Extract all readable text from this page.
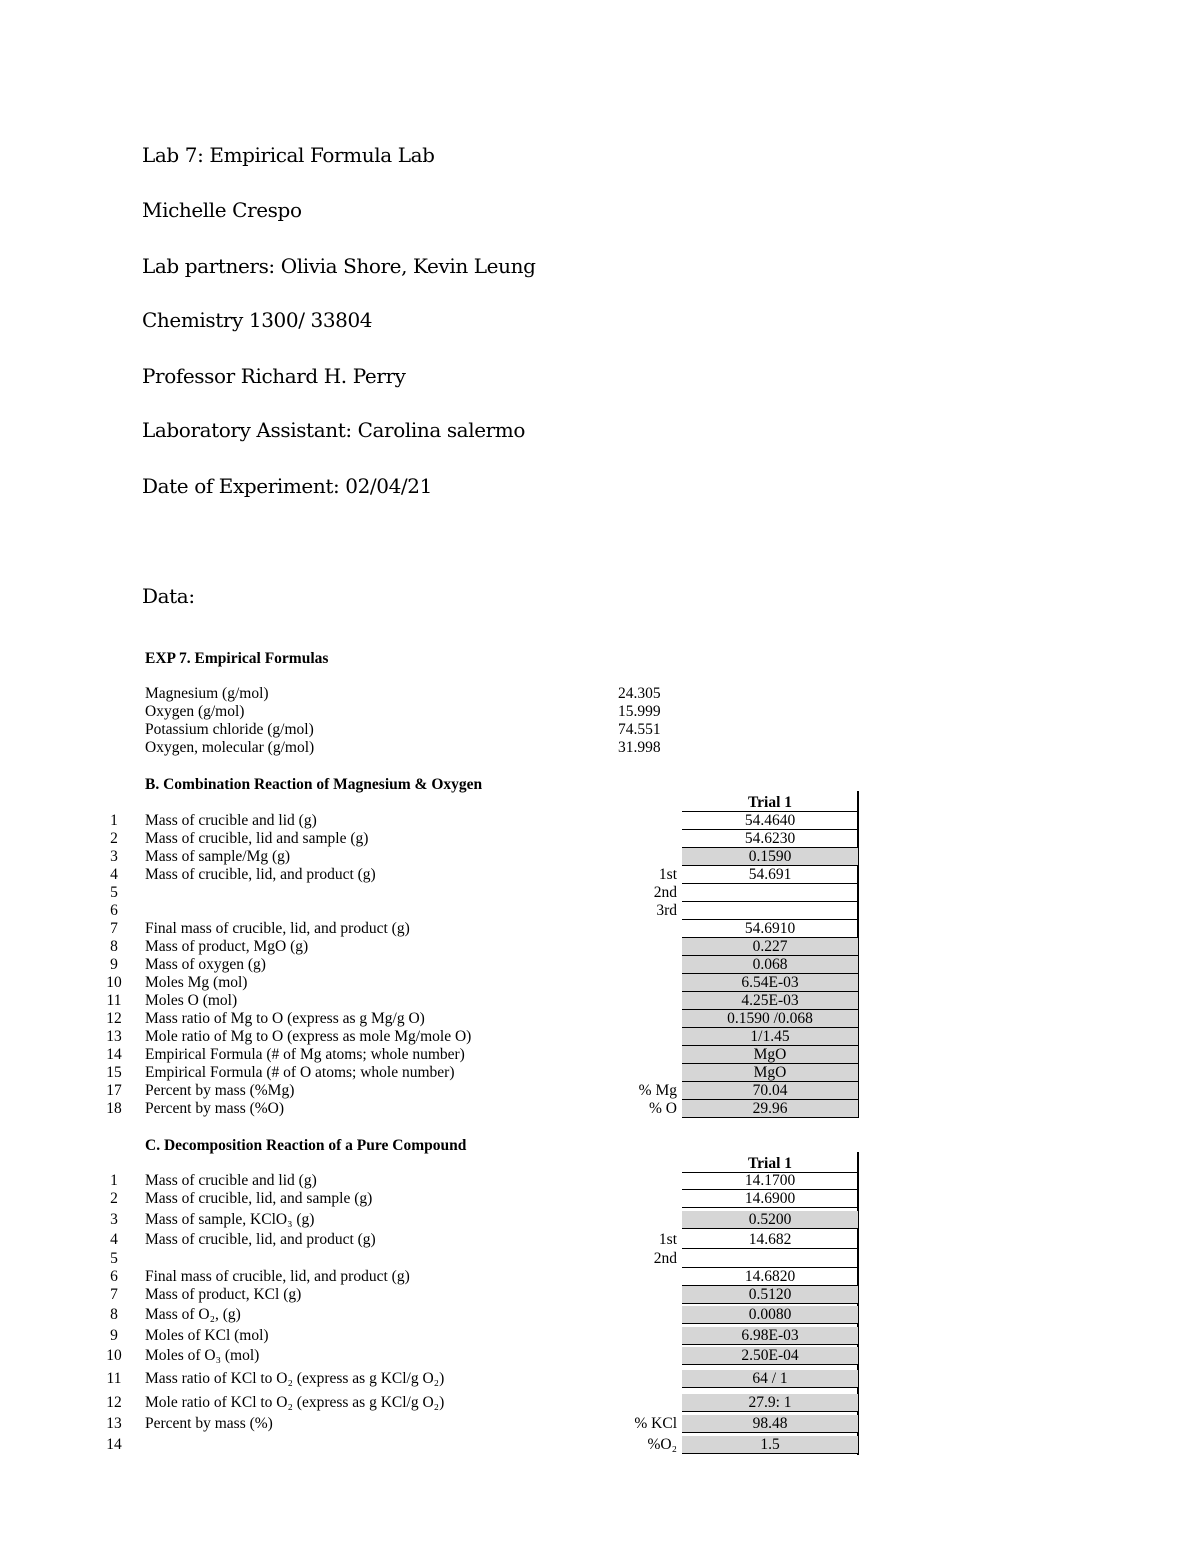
Lab 7: Empirical Formula Lab
Michelle Crespo
Lab partners: Olivia Shore, Kevin Leung
Chemistry 1300/ 33804
Professor Richard H. Perry
Laboratory Assistant: Carolina salermo
Date of Experiment: 02/04/21
Data:
EXP 7. Empirical Formulas
Magnesium (g/mol)	24.305
Oxygen (g/mol)	15.999
Potassium chloride (g/mol)	74.551
Oxygen, molecular (g/mol)	31.998
B. Combination Reaction of Magnesium & Oxygen
Trial 1
C. Decomposition Reaction of a Pure Compound
Trial 1
1	Mass of crucible and lid (g)	54.4640
2	Mass of crucible, lid and sample (g)	54.6230
3	Mass of sample/Mg (g)	0.1590
4	Mass of crucible, lid, and product (g)	1st	54.691
5	2nd
6	3rd
7	Final mass of crucible, lid, and product (g)	54.6910
8	Mass of product, MgO (g)	0.227
9	Mass of oxygen (g)	0.068
10 Moles Mg (mol)	6.54E-03
11 Moles O (mol)	4.25E-03
12 Mass ratio of Mg to O (express as g Mg/g O)	0.1590 /0.068
13 Mole ratio of Mg to O (express as mole Mg/mole O)	1/1.45
14 Empirical Formula (# of Mg atoms; whole number)	MgO
15 Empirical Formula (# of O atoms; whole number)	MgO
17 Percent by mass (%Mg)	% Mg	70.04
18 Percent by mass (%O)	% O	29.96
1	Mass of crucible and lid (g)	14.1700
2	Mass of crucible, lid, and sample (g)	14.6900
3	Mass of sample, KClO₃ (g)	0.5200
4	Mass of crucible, lid, and product (g)	1st	14.682
5	2nd
6	Final mass of crucible, lid, and product (g)	14.6820
7	Mass of product, KCl (g)	0.5120
8	Mass of O₂, (g)	0.0080
9	Moles of KCl (mol)	6.98E-03
10 Moles of O₃ (mol)	2.50E-04
11 Mass ratio of KCl to O₂ (express as g KCl/g O₂)	64 / 1
12 Mole ratio of KCl to O₂ (express as g KCl/g O₂)	27.9: 1
13 Percent by mass (%)	% KCl	98.48
14	%O₂	1.5
